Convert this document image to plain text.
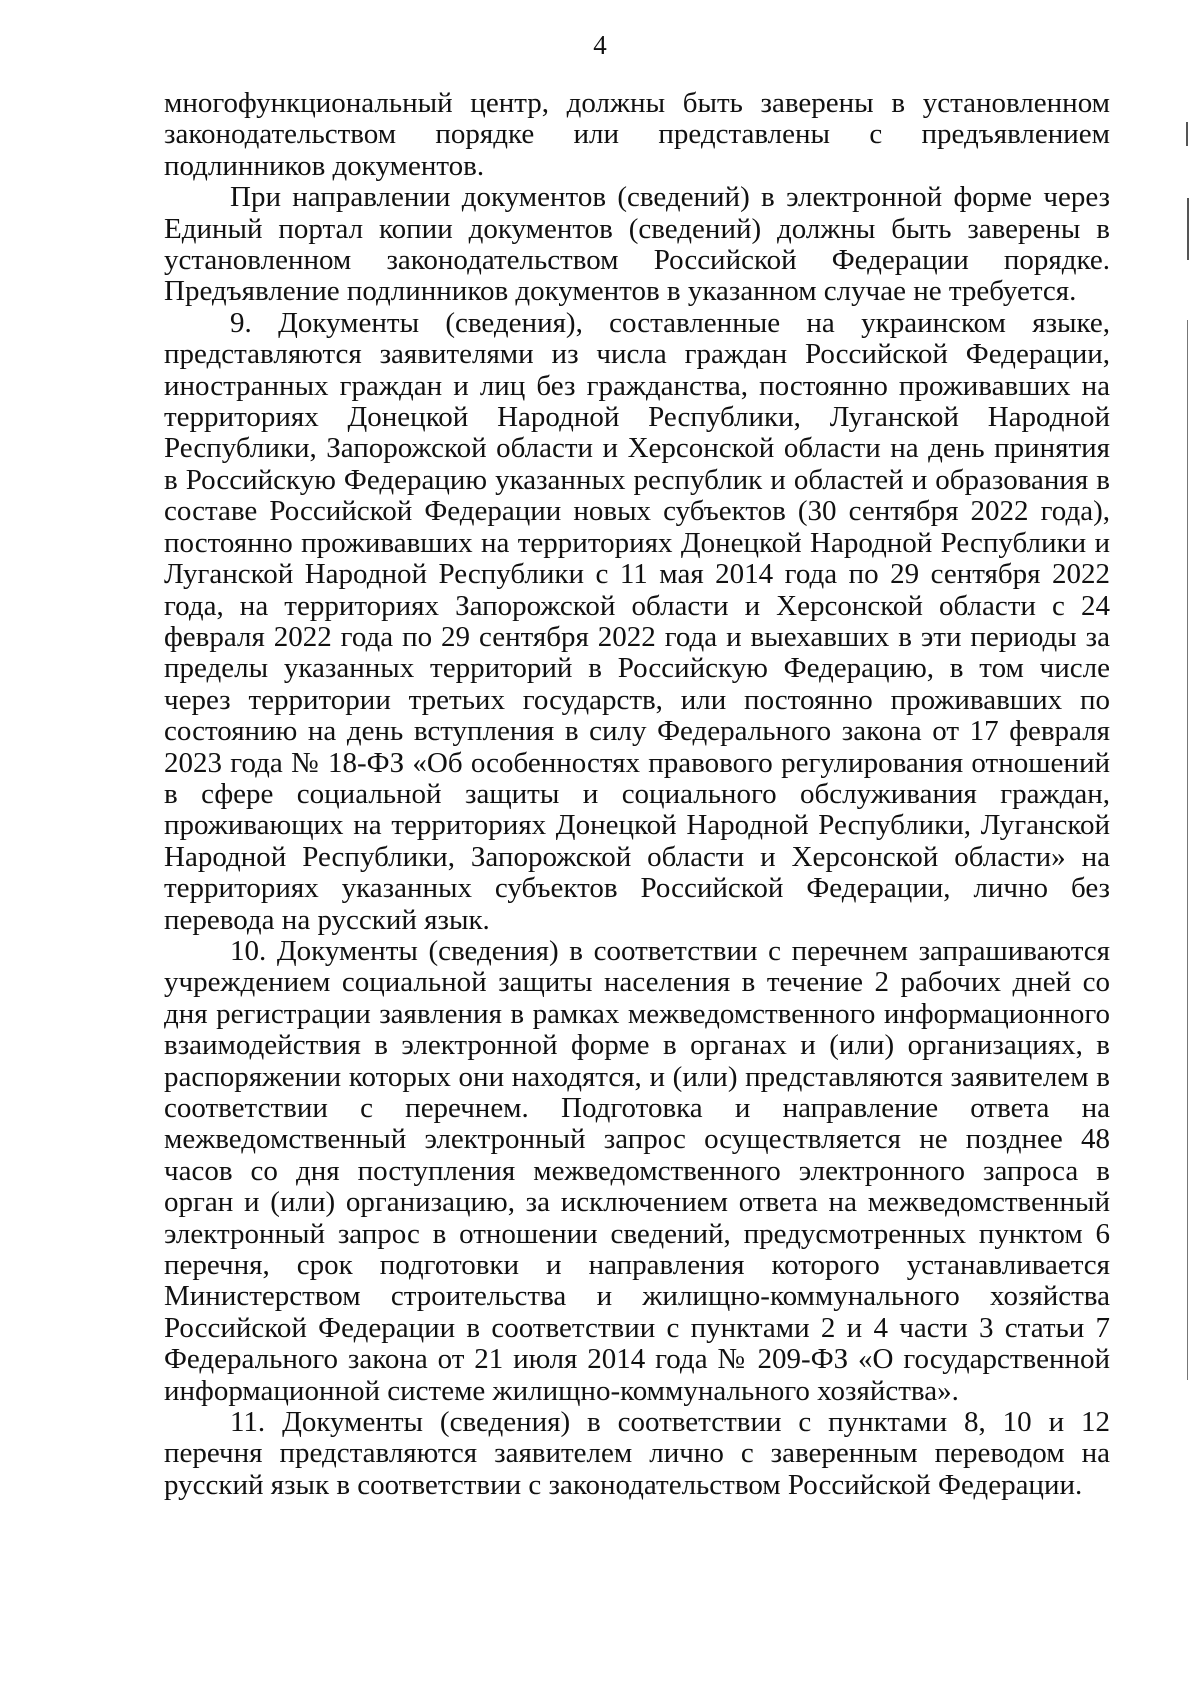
4

многофункциональный центр, должны быть заверены в установленном законодательством порядке или представлены с предъявлением подлинников документов.

При направлении документов (сведений) в электронной форме через Единый портал копии документов (сведений) должны быть заверены в установленном законодательством Российской Федерации порядке. Предъявление подлинников документов в указанном случае не требуется.

9. Документы (сведения), составленные на украинском языке, представляются заявителями из числа граждан Российской Федерации, иностранных граждан и лиц без гражданства, постоянно проживавших на территориях Донецкой Народной Республики, Луганской Народной Республики, Запорожской области и Херсонской области на день принятия в Российскую Федерацию указанных республик и областей и образования в составе Российской Федерации новых субъектов (30 сентября 2022 года), постоянно проживавших на территориях Донецкой Народной Республики и Луганской Народной Республики с 11 мая 2014 года по 29 сентября 2022 года, на территориях Запорожской области и Херсонской области с 24 февраля 2022 года по 29 сентября 2022 года и выехавших в эти периоды за пределы указанных территорий в Российскую Федерацию, в том числе через территории третьих государств, или постоянно проживавших по состоянию на день вступления в силу Федерального закона от 17 февраля 2023 года № 18-ФЗ «Об особенностях правового регулирования отношений в сфере социальной защиты и социального обслуживания граждан, проживающих на территориях Донецкой Народной Республики, Луганской Народной Республики, Запорожской области и Херсонской области» на территориях указанных субъектов Российской Федерации, лично без перевода на русский язык.

10. Документы (сведения) в соответствии с перечнем запрашиваются учреждением социальной защиты населения в течение 2 рабочих дней со дня регистрации заявления в рамках межведомственного информационного взаимодействия в электронной форме в органах и (или) организациях, в распоряжении которых они находятся, и (или) представляются заявителем в соответствии с перечнем. Подготовка и направление ответа на межведомственный электронный запрос осуществляется не позднее 48 часов со дня поступления межведомственного электронного запроса в орган и (или) организацию, за исключением ответа на межведомственный электронный запрос в отношении сведений, предусмотренных пунктом 6 перечня, срок подготовки и направления которого устанавливается Министерством строительства и жилищно-коммунального хозяйства Российской Федерации в соответствии с пунктами 2 и 4 части 3 статьи 7 Федерального закона от 21 июля 2014 года № 209-ФЗ «О государственной информационной системе жилищно-коммунального хозяйства».

11. Документы (сведения) в соответствии с пунктами 8, 10 и 12 перечня представляются заявителем лично с заверенным переводом на русский язык в соответствии с законодательством Российской Федерации.
